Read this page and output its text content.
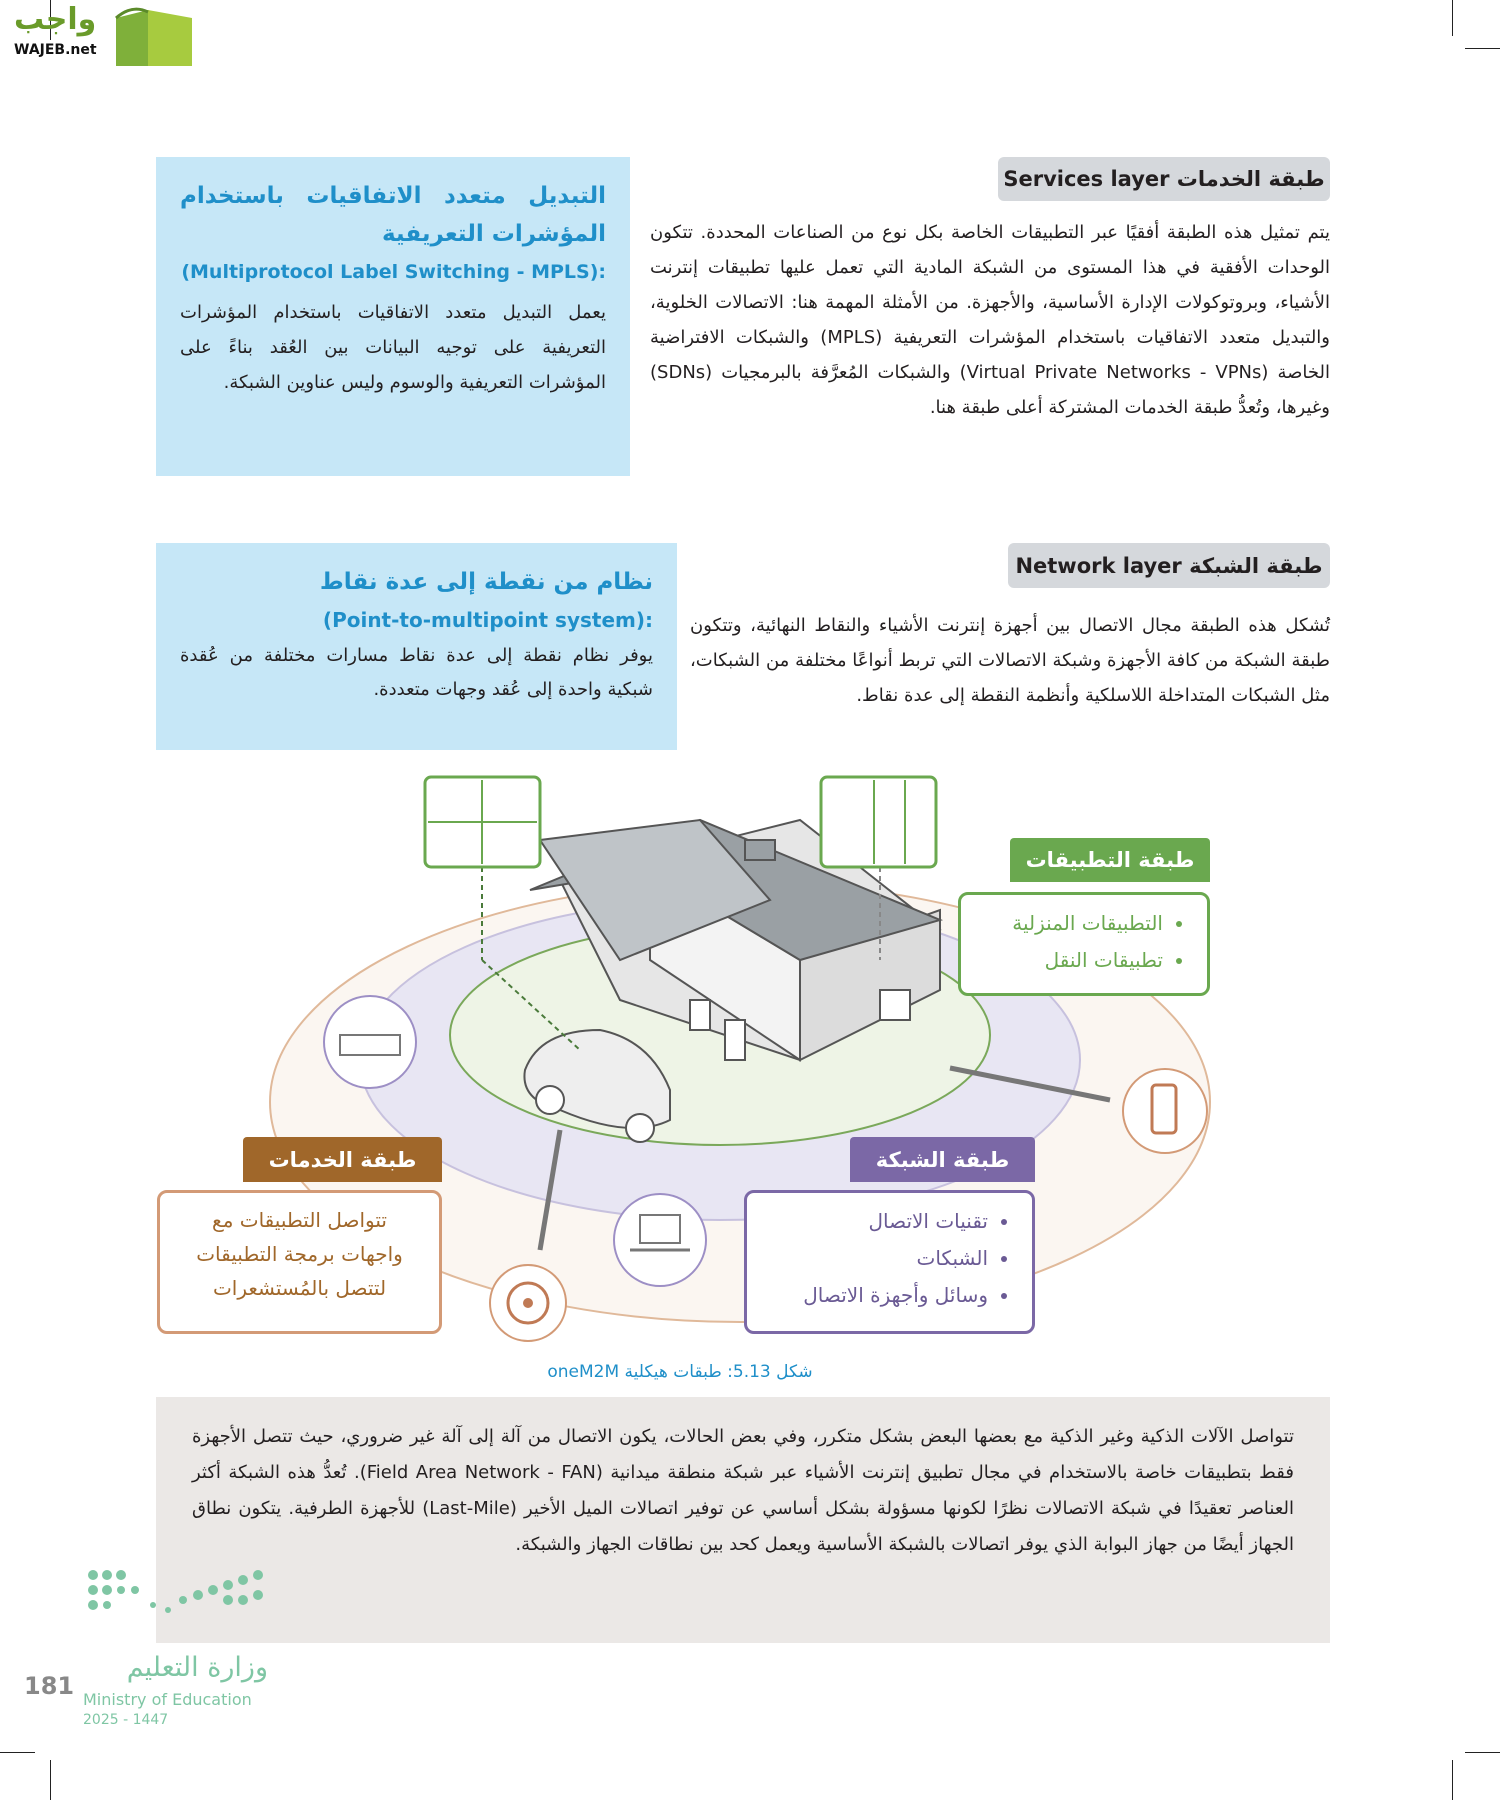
واجب
WAJEB.net
طبقة الخدمات Services layer
يتم تمثيل هذه الطبقة أفقيًا عبر التطبيقات الخاصة بكل نوع من الصناعات المحددة. تتكون الوحدات الأفقية في هذا المستوى من الشبكة المادية التي تعمل عليها تطبيقات إنترنت الأشياء، وبروتوكولات الإدارة الأساسية، والأجهزة. من الأمثلة المهمة هنا: الاتصالات الخلوية، والتبديل متعدد الاتفاقيات باستخدام المؤشرات التعريفية (MPLS) والشبكات الافتراضية الخاصة (Virtual Private Networks - VPNs) والشبكات المُعرَّفة بالبرمجيات (SDNs) وغيرها، وتُعدُّ طبقة الخدمات المشتركة أعلى طبقة هنا.
التبديل متعدد الاتفاقيات باستخدام المؤشرات التعريفية
(Multiprotocol Label Switching - MPLS):
يعمل التبديل متعدد الاتفاقيات باستخدام المؤشرات التعريفية على توجيه البيانات بين العُقد بناءً على المؤشرات التعريفية والوسوم وليس عناوين الشبكة.
طبقة الشبكة Network layer
تُشكل هذه الطبقة مجال الاتصال بين أجهزة إنترنت الأشياء والنقاط النهائية، وتتكون طبقة الشبكة من كافة الأجهزة وشبكة الاتصالات التي تربط أنواعًا مختلفة من الشبكات، مثل الشبكات المتداخلة اللاسلكية وأنظمة النقطة إلى عدة نقاط.
نظام من نقطة إلى عدة نقاط
(Point-to-multipoint system):
يوفر نظام نقطة إلى عدة نقاط مسارات مختلفة من عُقدة شبكية واحدة إلى عُقد وجهات متعددة.
طبقة التطبيقات
• التطبيقات المنزلية
• تطبيقات النقل
طبقة الخدمات
تتواصل التطبيقات مع واجهات برمجة التطبيقات لتتصل بالمُستشعرات
طبقة الشبكة
• تقنيات الاتصال
• الشبكات
• وسائل وأجهزة الاتصال
شكل 5.13: طبقات هيكلية oneM2M
تتواصل الآلات الذكية وغير الذكية مع بعضها البعض بشكل متكرر، وفي بعض الحالات، يكون الاتصال من آلة إلى آلة غير ضروري، حيث تتصل الأجهزة فقط بتطبيقات خاصة بالاستخدام في مجال تطبيق إنترنت الأشياء عبر شبكة منطقة ميدانية (Field Area Network - FAN). تُعدُّ هذه الشبكة أكثر العناصر تعقيدًا في شبكة الاتصالات نظرًا لكونها مسؤولة بشكل أساسي عن توفير اتصالات الميل الأخير (Last-Mile) للأجهزة الطرفية. يتكون نطاق الجهاز أيضًا من جهاز البوابة الذي يوفر اتصالات بالشبكة الأساسية ويعمل كحد بين نطاقات الجهاز والشبكة.
وزارة التعليم
Ministry of Education
2025 - 1447
181
